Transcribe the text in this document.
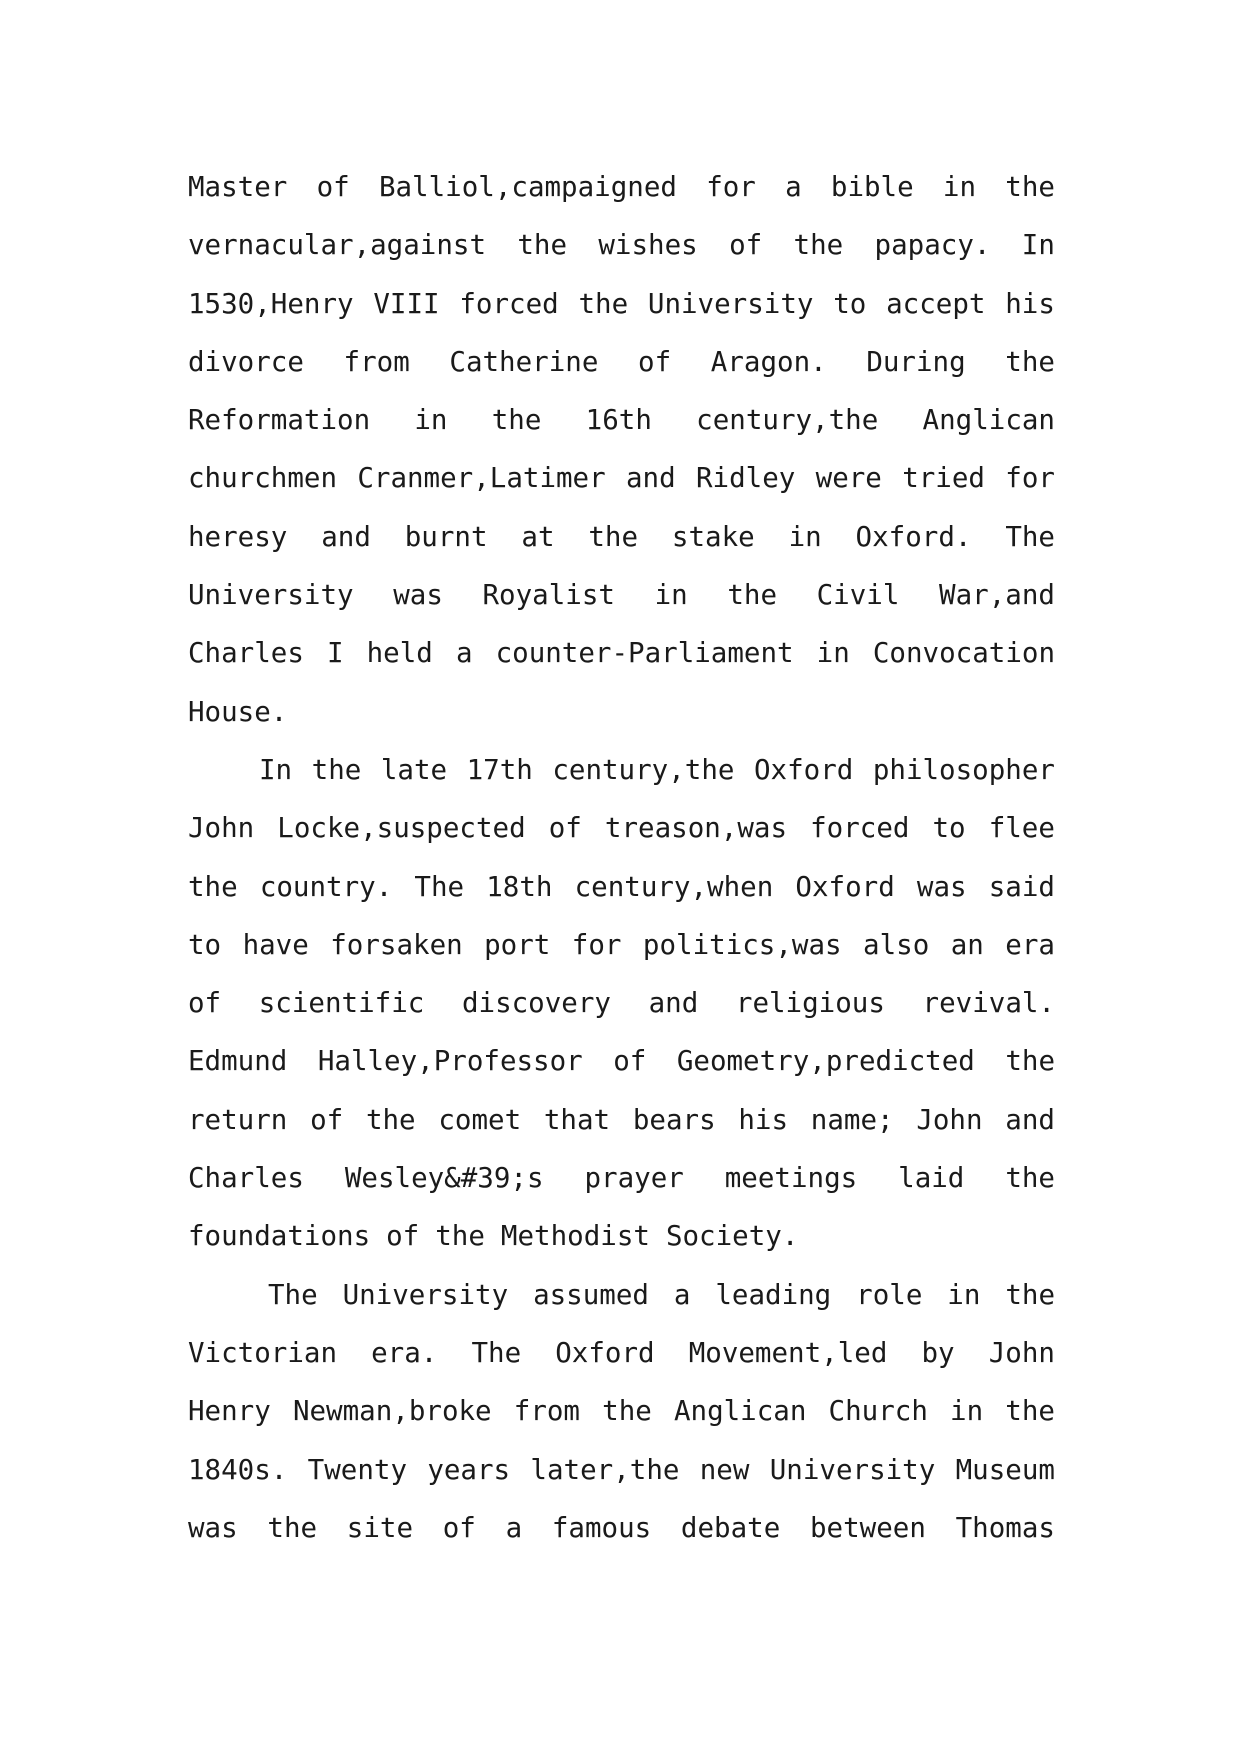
Master of Balliol,campaigned for a bible in the
vernacular,against the wishes of the papacy. In
1530,Henry VIII forced the University to accept his
divorce from Catherine of Aragon. During the
Reformation in the 16th century,the Anglican
churchmen Cranmer,Latimer and Ridley were tried for
heresy and burnt at the stake in Oxford. The
University was Royalist in the Civil War,and
Charles I held a counter-Parliament in Convocation
House.
In the late 17th century,the Oxford philosopher
John Locke,suspected of treason,was forced to flee
the country. The 18th century,when Oxford was said
to have forsaken port for politics,was also an era
of scientific discovery and religious revival.
Edmund Halley,Professor of Geometry,predicted the
return of the comet that bears his name; John and
Charles Wesley&#39;s prayer meetings laid the
foundations of the Methodist Society.
The University assumed a leading role in the
Victorian era. The Oxford Movement,led by John
Henry Newman,broke from the Anglican Church in the
1840s. Twenty years later,the new University Museum
was the site of a famous debate between Thomas
